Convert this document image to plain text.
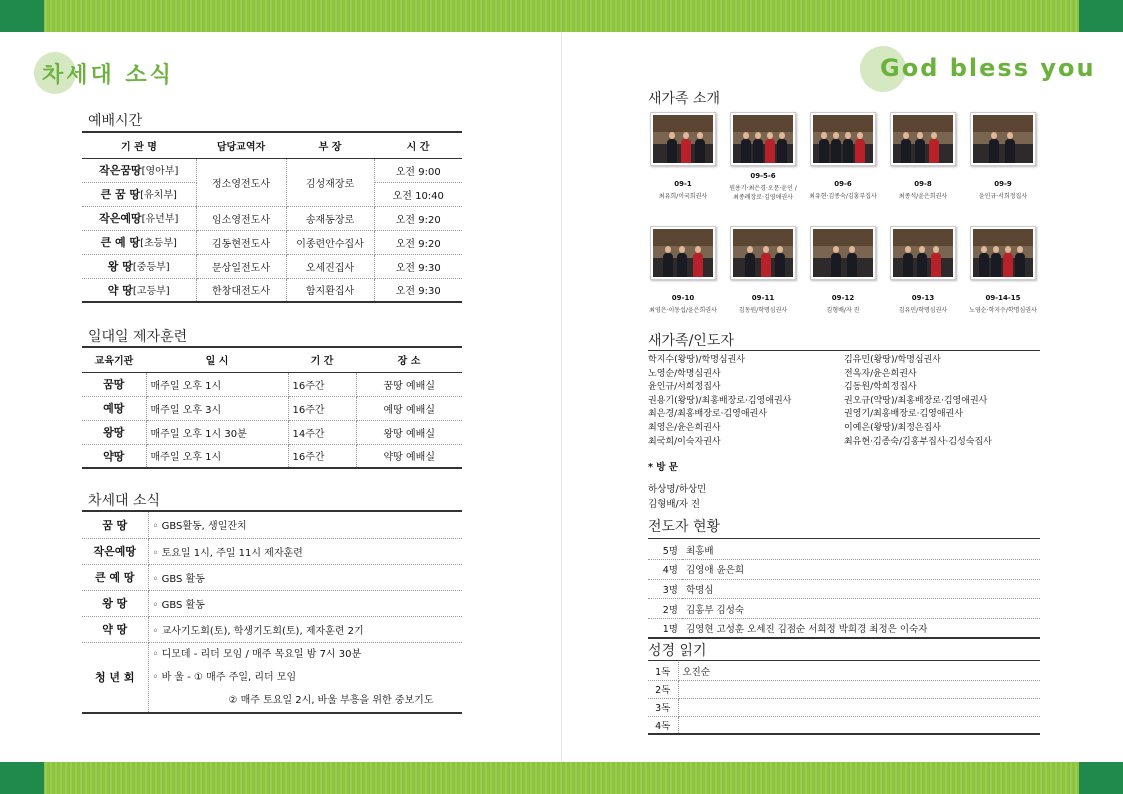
차세대 소식	God bless you
예배시간
기 관 명	담당교역자	부 장	시 간
작은꿈땅[영아부]	정소영전도사	김성재장로	오전 9:00
큰 꿈 땅[유치부]			오전 10:40
작은예땅[유년부]	임소영전도사	송재동장로	오전 9:20
큰 예 땅[초등부]	김동현전도사	이종련안수집사	오전 9:20
왕 땅[중등부]	문상일전도사	오세진집사	오전 9:30
약 땅[고등부]	한창대전도사	함지환집사	오전 9:30
일대일 제자훈련
교육기관	일 시	기 간	장 소
꿈땅	매주일 오후 1시	16주간	꿈땅 예배실
예땅	매주일 오후 3시	16주간	예땅 예배실
왕땅	매주일 오후 1시 30분	14주간	왕땅 예배실
약땅	매주일 오후 1시	16주간	약땅 예배실
차세대 소식
꿈 땅	◦ GBS활동, 생일잔치
작은예땅	◦ 토요일 1시, 주일 11시 제자훈련
큰 예 땅	◦ GBS 활동
왕 땅	◦ GBS 활동
약 땅	◦ 교사기도회(토), 학생기도회(토), 제자훈련 2기
청 년 회	◦ 디모데 - 리더 모임 / 매주 목요일 밤 7시 30분
◦ 바 울 - ① 매주 주일, 리더 모임
② 매주 토요일 2시, 바울 부흥을 위한 중보기도
새가족 소개
09-1
최유희/이국희권사
09-5-6
원용기·최은경·오문·윤인 /최종례장로·김영애권사
09-6
최유현·김종숙/김홍부집사
09-8
최종석/윤은희권사
09-9
윤인규·서희정집사
09-10
최영은·이동섭/윤은희권사
09-11
김동원/학명심권사
09-12
김형배/자 진
09-13
김유민/학명심권사
09-14-15
노영순·학지수/학명심권사
새가족/인도자

학지수(왕땅)/학명심권사

노영순/학명심권사

윤인규/서희정집사

권용기(왕땅)/최홍배장로·김영애권사

최은경/최홍배장로·김영애권사

최영은/윤은희권사

최국희/이숙자권사

김유민(왕땅)/학명심권사

전옥자/윤은희권사

김동원/학희정집사

권오규(약땅)/최홍배장로·김영애권사

권영기/최홍배장로·김영애권사

이예은(왕땅)/최정은집사

최유현·김종숙/김홍부집사·김성숙집사

* 방 문

하상명/하상민

김형배/자 진

전도자 현황
5명	최홍배
4명	김영애 윤은희
3명	학명심
2명	김홍부 김성숙
1명	김영현 고성훈 오세진 김점순 서희정 박희경 최정은 이숙자
성경 읽기
1독	오진순
2독	
3독	
4독	
